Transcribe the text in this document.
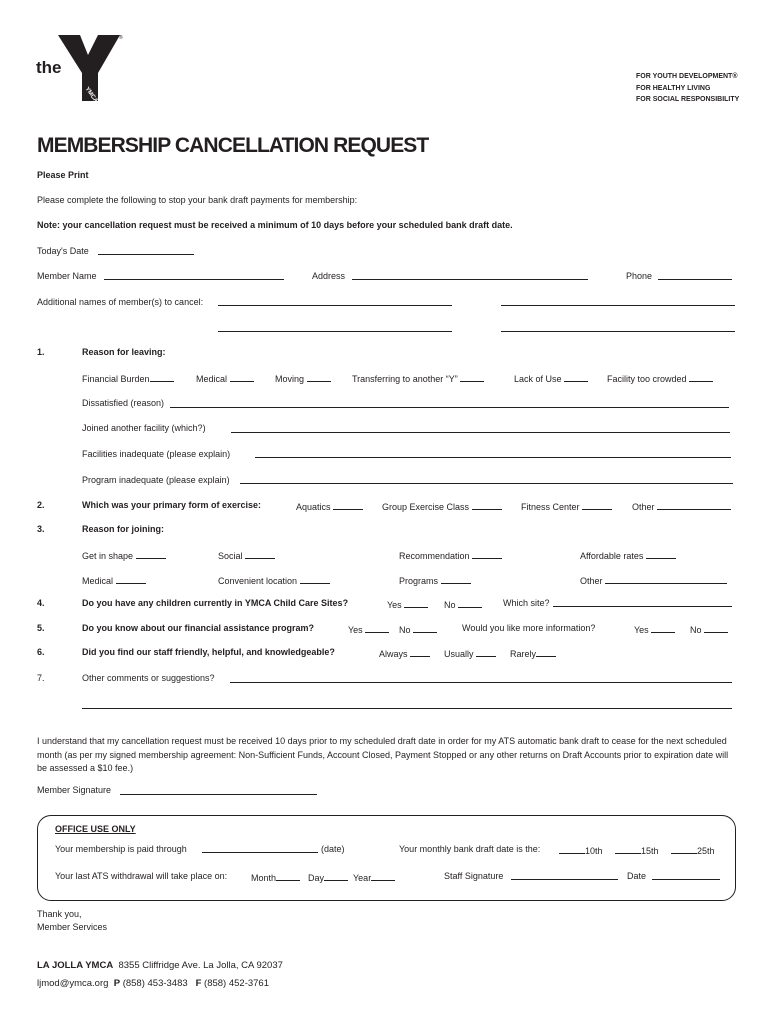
the
YMCA
®
FOR YOUTH DEVELOPMENT®
FOR HEALTHY LIVING
FOR SOCIAL RESPONSIBILITY
MEMBERSHIP CANCELLATION REQUEST
Please Print
Please complete the following to stop your bank draft payments for membership:
Note: your cancellation request must be received a minimum of 10 days before your scheduled bank draft date.
Today's Date
Member Name	Address	Phone
Additional names of member(s) to cancel:
1.	Reason for leaving:
Financial Burden	Medical	Moving	Transferring to another “Y”	Lack of Use	Facility too crowded
Dissatisfied (reason)
Joined another facility (which?)
Facilities inadequate (please explain)
Program inadequate (please explain)
2.	Which was your primary form of exercise:	Aquatics	Group Exercise Class	Fitness Center	Other
3.	Reason for joining:
Get in shape	Social	Recommendation	Affordable rates
Medical	Convenient location	Programs	Other
4.	Do you have any children currently in YMCA Child Care Sites?	Yes	No	Which site?
5.	Do you know about our financial assistance program?	Yes	No	Would you like more information?	Yes	No
6.	Did you find our staff friendly, helpful, and knowledgeable?	Always	Usually	Rarely
7.	Other comments or suggestions?
I understand that my cancellation request must be received 10 days prior to my scheduled draft date in order for my ATS automatic bank draft to cease for the next scheduled month (as per my signed membership agreement: Non-Sufficient Funds, Account Closed, Payment Stopped or any other returns on Draft Accounts prior to expiration date will be assessed a $10 fee.)
Member Signature
OFFICE USE ONLY
Your membership is paid through	(date)	Your monthly bank draft date is the:	10th	15th	25th
Your last ATS withdrawal will take place on:	Month	Day	Year	Staff Signature	Date
Thank you,
Member Services
LA JOLLA YMCA 8355 Cliffridge Ave. La Jolla, CA 92037
ljmod@ymca.org P (858) 453-3483 F (858) 452-3761
